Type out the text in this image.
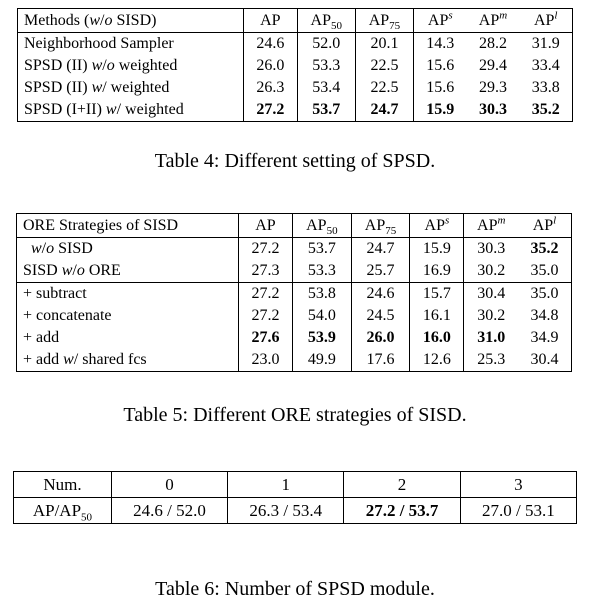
Methods (w/o SISD)	AP	$AP_{50}$	$AP_{75}$	$AP^s$	$AP^m$	$AP^l$
Neighborhood Sampler	24.6	52.0	20.1	14.3	28.2	31.9
SPSD (II) w/o weighted	26.0	53.3	22.5	15.6	29.4	33.4
SPSD (II) w/ weighted	26.3	53.4	22.5	15.6	29.3	33.8
SPSD (I+II) w/ weighted	27.2	53.7	24.7	15.9	30.3	35.2
Table 4: Different setting of SPSD.
ORE Strategies of SISD	AP	$AP_{50}$	$AP_{75}$	$AP^s$	$AP^m$	$AP^l$
w/o SISD	27.2	53.7	24.7	15.9	30.3	35.2
SISD w/o ORE	27.3	53.3	25.7	16.9	30.2	35.0
+ subtract	27.2	53.8	24.6	15.7	30.4	35.0
+ concatenate	27.2	54.0	24.5	16.1	30.2	34.8
+ add	27.6	53.9	26.0	16.0	31.0	34.9
+ add w/ shared fcs	23.0	49.9	17.6	12.6	25.3	30.4
Table 5: Different ORE strategies of SISD.
Num.	0	1	2	3
$AP/AP_{50}$	24.6 / 52.0	26.3 / 53.4	27.2 / 53.7	27.0 / 53.1
Table 6: Number of SPSD module.
